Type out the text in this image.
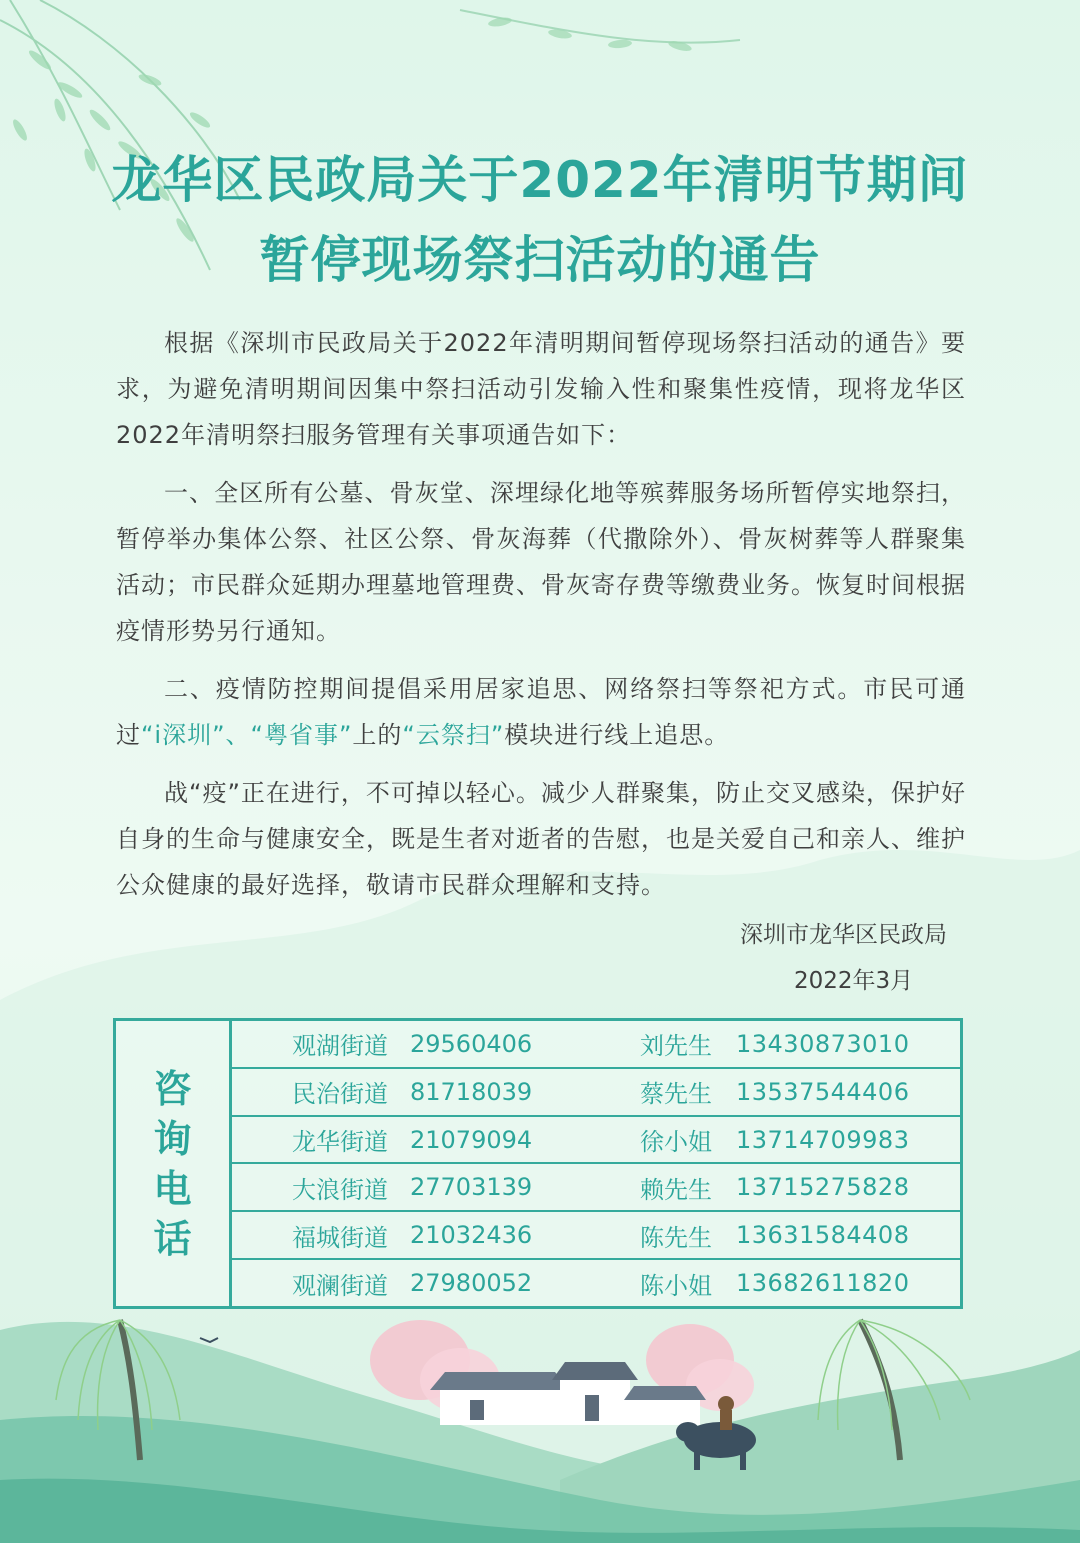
龙华区民政局关于2022年清明节期间
暂停现场祭扫活动的通告

根据《深圳市民政局关于2022年清明期间暂停现场祭扫活动的通告》要求，为避免清明期间因集中祭扫活动引发输入性和聚集性疫情，现将龙华区2022年清明祭扫服务管理有关事项通告如下：

一、全区所有公墓、骨灰堂、深埋绿化地等殡葬服务场所暂停实地祭扫，暂停举办集体公祭、社区公祭、骨灰海葬（代撒除外）、骨灰树葬等人群聚集活动；市民群众延期办理墓地管理费、骨灰寄存费等缴费业务。恢复时间根据疫情形势另行通知。

二、疫情防控期间提倡采用居家追思、网络祭扫等祭祀方式。市民可通过“i深圳”、“粤省事”上的“云祭扫”模块进行线上追思。

战“疫”正在进行，不可掉以轻心。减少人群聚集，防止交叉感染，保护好自身的生命与健康安全，既是生者对逝者的告慰，也是关爱自己和亲人、维护公众健康的最好选择，敬请市民群众理解和支持。

深圳市龙华区民政局
2022年3月
咨
询
电
话
观湖街道 29560406	刘先生	13430873010
民治街道 81718039	蔡先生	13537544406
龙华街道 21079094	徐小姐	13714709983
大浪街道 27703139	赖先生	13715275828
福城街道 21032436	陈先生	13631584408
观澜街道 27980052	陈小姐	13682611820
